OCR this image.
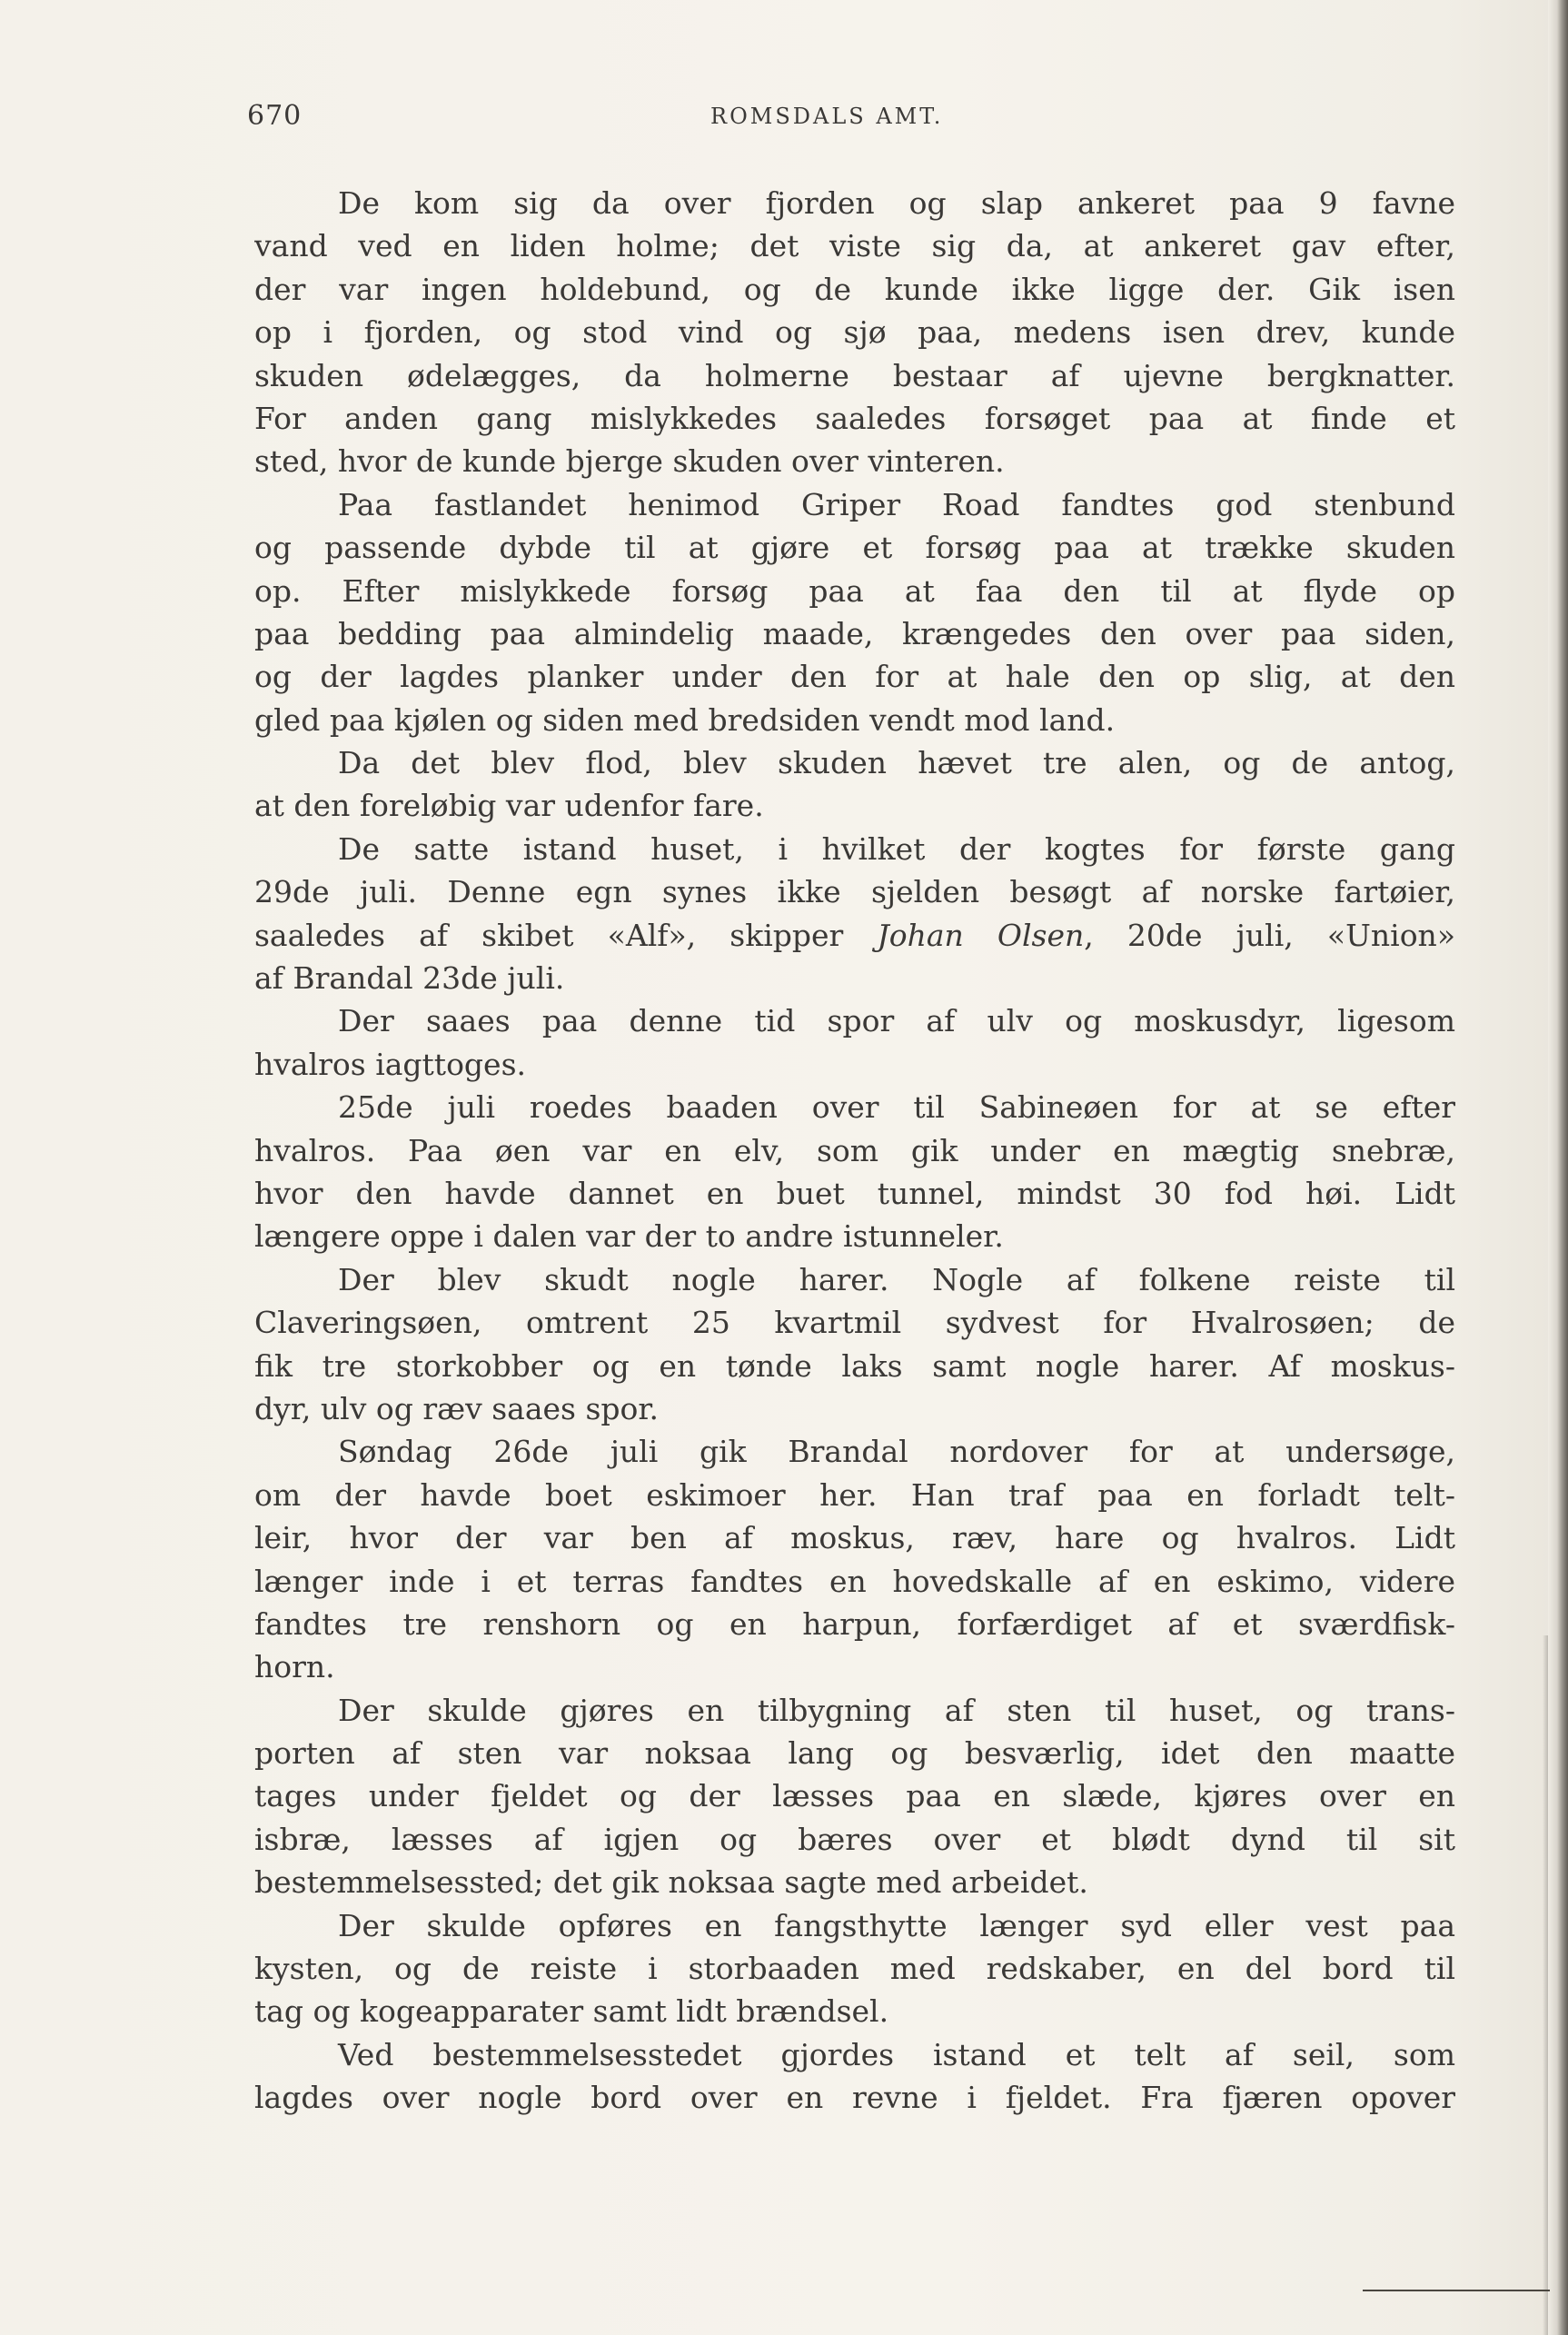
670	ROMSDALS AMT.
De kom sig da over fjorden og slap ankeret paa 9 favne
vand ved en liden holme; det viste sig da, at ankeret gav efter,
der var ingen holdebund, og de kunde ikke ligge der. Gik isen
op i fjorden, og stod vind og sjø paa, medens isen drev, kunde
skuden ødelægges, da holmerne bestaar af ujevne bergknatter.
For anden gang mislykkedes saaledes forsøget paa at finde et
sted, hvor de kunde bjerge skuden over vinteren.
Paa fastlandet henimod Griper Road fandtes god stenbund
og passende dybde til at gjøre et forsøg paa at trække skuden
op. Efter mislykkede forsøg paa at faa den til at flyde op
paa bedding paa almindelig maade, krængedes den over paa siden,
og der lagdes planker under den for at hale den op slig, at den
gled paa kjølen og siden med bredsiden vendt mod land.
Da det blev flod, blev skuden hævet tre alen, og de antog,
at den foreløbig var udenfor fare.
De satte istand huset, i hvilket der kogtes for første gang
29de juli. Denne egn synes ikke sjelden besøgt af norske fartøier,
saaledes af skibet «Alf», skipper Johan Olsen, 20de juli, «Union»
af Brandal 23de juli.
Der saaes paa denne tid spor af ulv og moskusdyr, ligesom
hvalros iagttoges.
25de juli roedes baaden over til Sabineøen for at se efter
hvalros. Paa øen var en elv, som gik under en mægtig snebræ,
hvor den havde dannet en buet tunnel, mindst 30 fod høi. Lidt
længere oppe i dalen var der to andre istunneler.
Der blev skudt nogle harer. Nogle af folkene reiste til
Claveringsøen, omtrent 25 kvartmil sydvest for Hvalrosøen; de
fik tre storkobber og en tønde laks samt nogle harer. Af moskus-
dyr, ulv og ræv saaes spor.
Søndag 26de juli gik Brandal nordover for at undersøge,
om der havde boet eskimoer her. Han traf paa en forladt telt-
leir, hvor der var ben af moskus, ræv, hare og hvalros. Lidt
længer inde i et terras fandtes en hovedskalle af en eskimo, videre
fandtes tre renshorn og en harpun, forfærdiget af et sværdfisk-
horn.
Der skulde gjøres en tilbygning af sten til huset, og trans-
porten af sten var noksaa lang og besværlig, idet den maatte
tages under fjeldet og der læsses paa en slæde, kjøres over en
isbræ, læsses af igjen og bæres over et blødt dynd til sit
bestemmelsessted; det gik noksaa sagte med arbeidet.
Der skulde opføres en fangsthytte længer syd eller vest paa
kysten, og de reiste i storbaaden med redskaber, en del bord til
tag og kogeapparater samt lidt brændsel.
Ved bestemmelsesstedet gjordes istand et telt af seil, som
lagdes over nogle bord over en revne i fjeldet. Fra fjæren opover
